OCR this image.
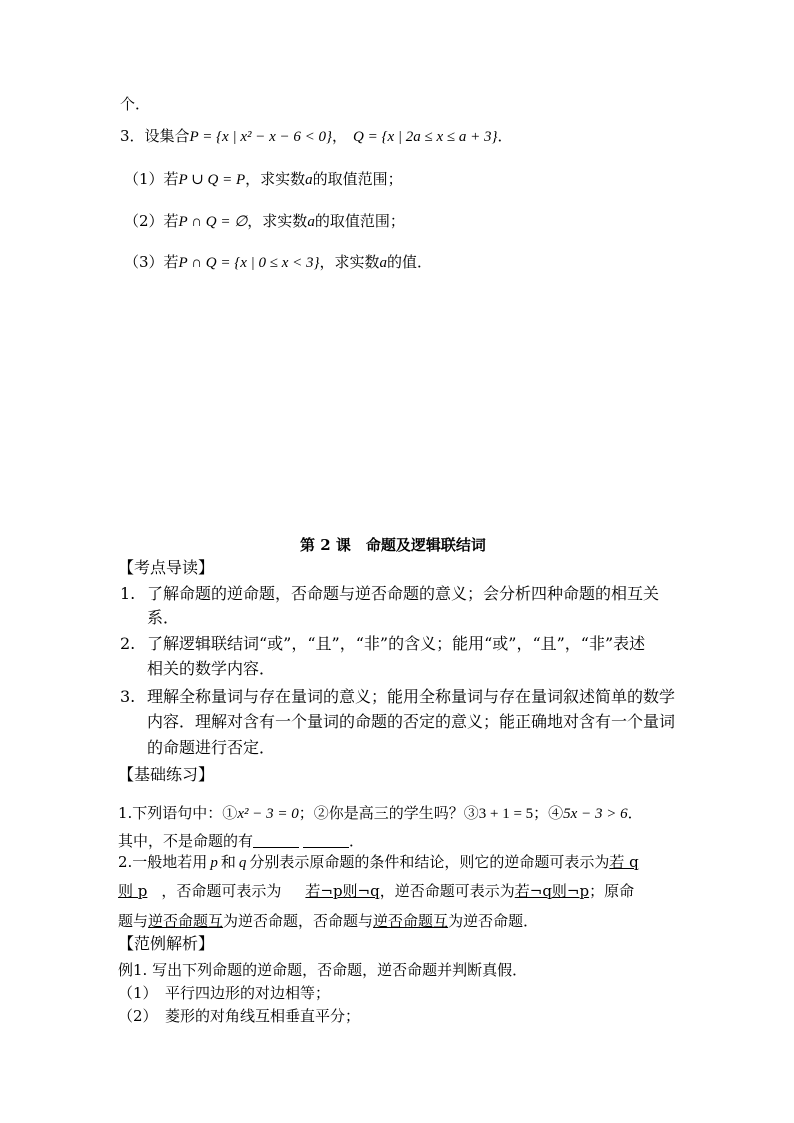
个．
3．设集合P = {x | x² − x − 6 < 0}， Q = {x | 2a ≤ x ≤ a + 3}．
（1）若P ∪ Q = P，求实数a的取值范围；
（2）若P ∩ Q = ∅，求实数a的取值范围；
（3）若P ∩ Q = {x | 0 ≤ x < 3}，求实数a的值．
第 2 课　命题及逻辑联结词
【考点导读】
1. 了解命题的逆命题，否命题与逆否命题的意义；会分析四种命题的相互关
系．
2. 了解逻辑联结词“或”，“且”，“非”的含义；能用“或”，“且”，“非”表述
相关的数学内容．
3. 理解全称量词与存在量词的意义；能用全称量词与存在量词叙述简单的数学
内容．理解对含有一个量词的命题的否定的意义；能正确地对含有一个量词
的命题进行否定．
【基础练习】
1.下列语句中：①x² − 3 = 0；②你是高三的学生吗？③3 + 1 = 5；④5x − 3 > 6．
其中，不是命题的有	．
2.一般地若用 p 和 q 分别表示原命题的条件和结论，则它的逆命题可表示为若 q
则 p ，否命题可表示为 若¬p则¬q，逆否命题可表示为若¬q则¬p；原命
题与逆否命题互为逆否命题，否命题与逆否命题互为逆否命题．
【范例解析】
例1. 写出下列命题的逆命题，否命题，逆否命题并判断真假．
（1）　平行四边形的对边相等；
（2）　菱形的对角线互相垂直平分；
